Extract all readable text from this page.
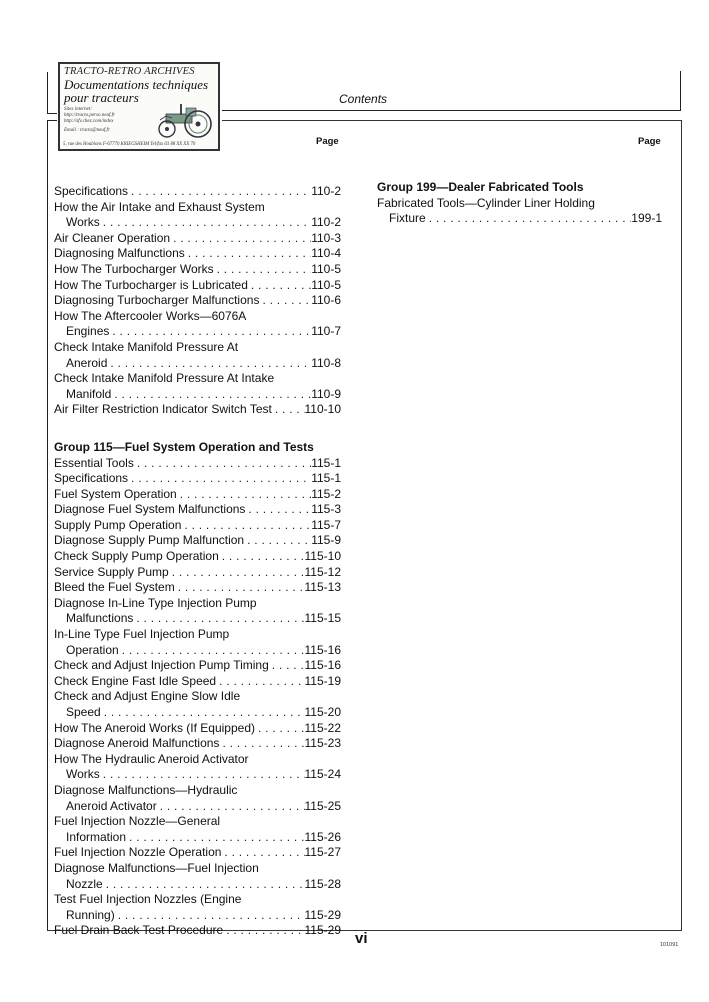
TRACTO-RETRO ARCHIVES
Documentations techniques
pour tracteurs
Sites internet:
http://tracto.perso.neuf.fr
http://sfv.chez.com/index
Email : tracto@neuf.fr
5, rue des Houblons F-67770 KRIEGSHEIM Tel/fax 03 88 XX XX 70
Contents
Page	Page
Specifications . . .	110-2
How the Air Intake and Exhaust System
Works . . .	110-2
Air Cleaner Operation . . .	110-3
Diagnosing Malfunctions . . .	110-4
How The Turbocharger Works . . .	110-5
How The Turbocharger is Lubricated . . .	110-5
Diagnosing Turbocharger Malfunctions . . .	110-6
How The Aftercooler Works—6076A
Engines . . .	110-7
Check Intake Manifold Pressure At
Aneroid . . .	110-8
Check Intake Manifold Pressure At Intake
Manifold . . .	110-9
Air Filter Restriction Indicator Switch Test . . .	110-10
Group 115—Fuel System Operation and Tests
Essential Tools . . .	115-1
Specifications . . .	115-1
Fuel System Operation . . .	115-2
Diagnose Fuel System Malfunctions . . .	115-3
Supply Pump Operation . . .	115-7
Diagnose Supply Pump Malfunction . . .	115-9
Check Supply Pump Operation . . .	115-10
Service Supply Pump . . .	115-12
Bleed the Fuel System . . .	115-13
Diagnose In-Line Type Injection Pump
Malfunctions . . .	115-15
In-Line Type Fuel Injection Pump
Operation . . .	115-16
Check and Adjust Injection Pump Timing . . .	115-16
Check Engine Fast Idle Speed . . .	115-19
Check and Adjust Engine Slow Idle
Speed . . .	115-20
How The Aneroid Works (If Equipped) . . .	115-22
Diagnose Aneroid Malfunctions . . .	115-23
How The Hydraulic Aneroid Activator
Works . . .	115-24
Diagnose Malfunctions—Hydraulic
Aneroid Activator . . .	115-25
Fuel Injection Nozzle—General
Information . . .	115-26
Fuel Injection Nozzle Operation . . .	115-27
Diagnose Malfunctions—Fuel Injection
Nozzle . . .	115-28
Test Fuel Injection Nozzles (Engine
Running) . . .	115-29
Fuel Drain Back Test Procedure . . .	115-29
Group 199—Dealer Fabricated Tools
Fabricated Tools—Cylinder Liner Holding
Fixture . . .	199-1
vi	101091
